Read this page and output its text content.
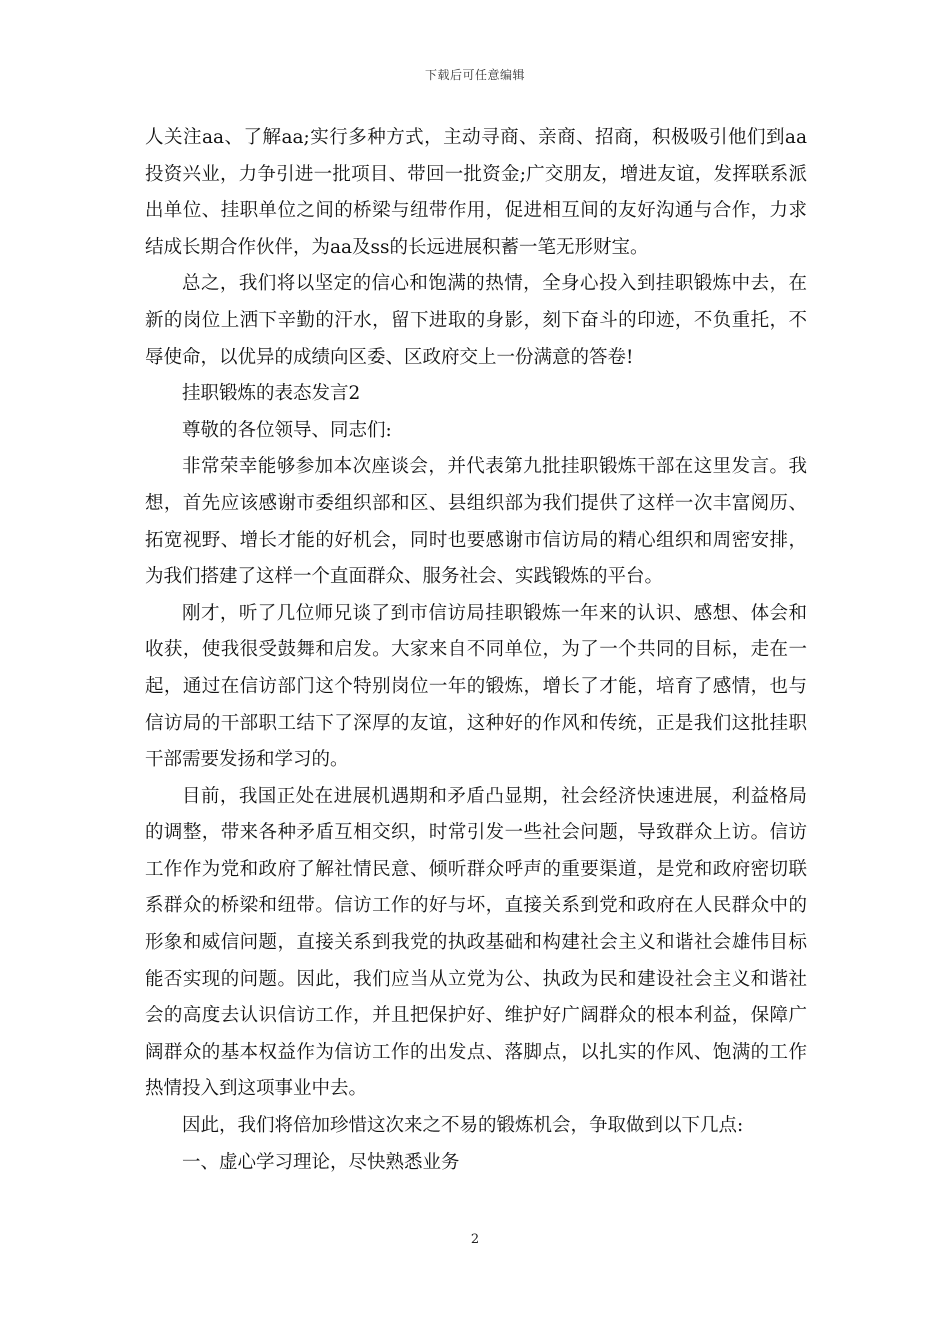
下载后可任意编辑

人关注aa、了解aa;实行多种方式，主动寻商、亲商、招商，积极吸引他们到aa投资兴业，力争引进一批项目、带回一批资金;广交朋友，增进友谊，发挥联系派出单位、挂职单位之间的桥梁与纽带作用，促进相互间的友好沟通与合作，力求结成长期合作伙伴，为aa及ss的长远进展积蓄一笔无形财宝。

总之，我们将以坚定的信心和饱满的热情，全身心投入到挂职锻炼中去，在新的岗位上洒下辛勤的汗水，留下进取的身影，刻下奋斗的印迹，不负重托，不辱使命，以优异的成绩向区委、区政府交上一份满意的答卷!

挂职锻炼的表态发言2

尊敬的各位领导、同志们:

非常荣幸能够参加本次座谈会，并代表第九批挂职锻炼干部在这里发言。我想，首先应该感谢市委组织部和区、县组织部为我们提供了这样一次丰富阅历、拓宽视野、增长才能的好机会，同时也要感谢市信访局的精心组织和周密安排，为我们搭建了这样一个直面群众、服务社会、实践锻炼的平台。

刚才，听了几位师兄谈了到市信访局挂职锻炼一年来的认识、感想、体会和收获，使我很受鼓舞和启发。大家来自不同单位，为了一个共同的目标，走在一起，通过在信访部门这个特别岗位一年的锻炼，增长了才能，培育了感情，也与信访局的干部职工结下了深厚的友谊，这种好的作风和传统，正是我们这批挂职干部需要发扬和学习的。

目前，我国正处在进展机遇期和矛盾凸显期，社会经济快速进展，利益格局的调整，带来各种矛盾互相交织，时常引发一些社会问题，导致群众上访。信访工作作为党和政府了解社情民意、倾听群众呼声的重要渠道，是党和政府密切联系群众的桥梁和纽带。信访工作的好与坏，直接关系到党和政府在人民群众中的形象和威信问题，直接关系到我党的执政基础和构建社会主义和谐社会雄伟目标能否实现的问题。因此，我们应当从立党为公、执政为民和建设社会主义和谐社会的高度去认识信访工作，并且把保护好、维护好广阔群众的根本利益，保障广阔群众的基本权益作为信访工作的出发点、落脚点，以扎实的作风、饱满的工作热情投入到这项事业中去。

因此，我们将倍加珍惜这次来之不易的锻炼机会，争取做到以下几点:

一、虚心学习理论，尽快熟悉业务

2
